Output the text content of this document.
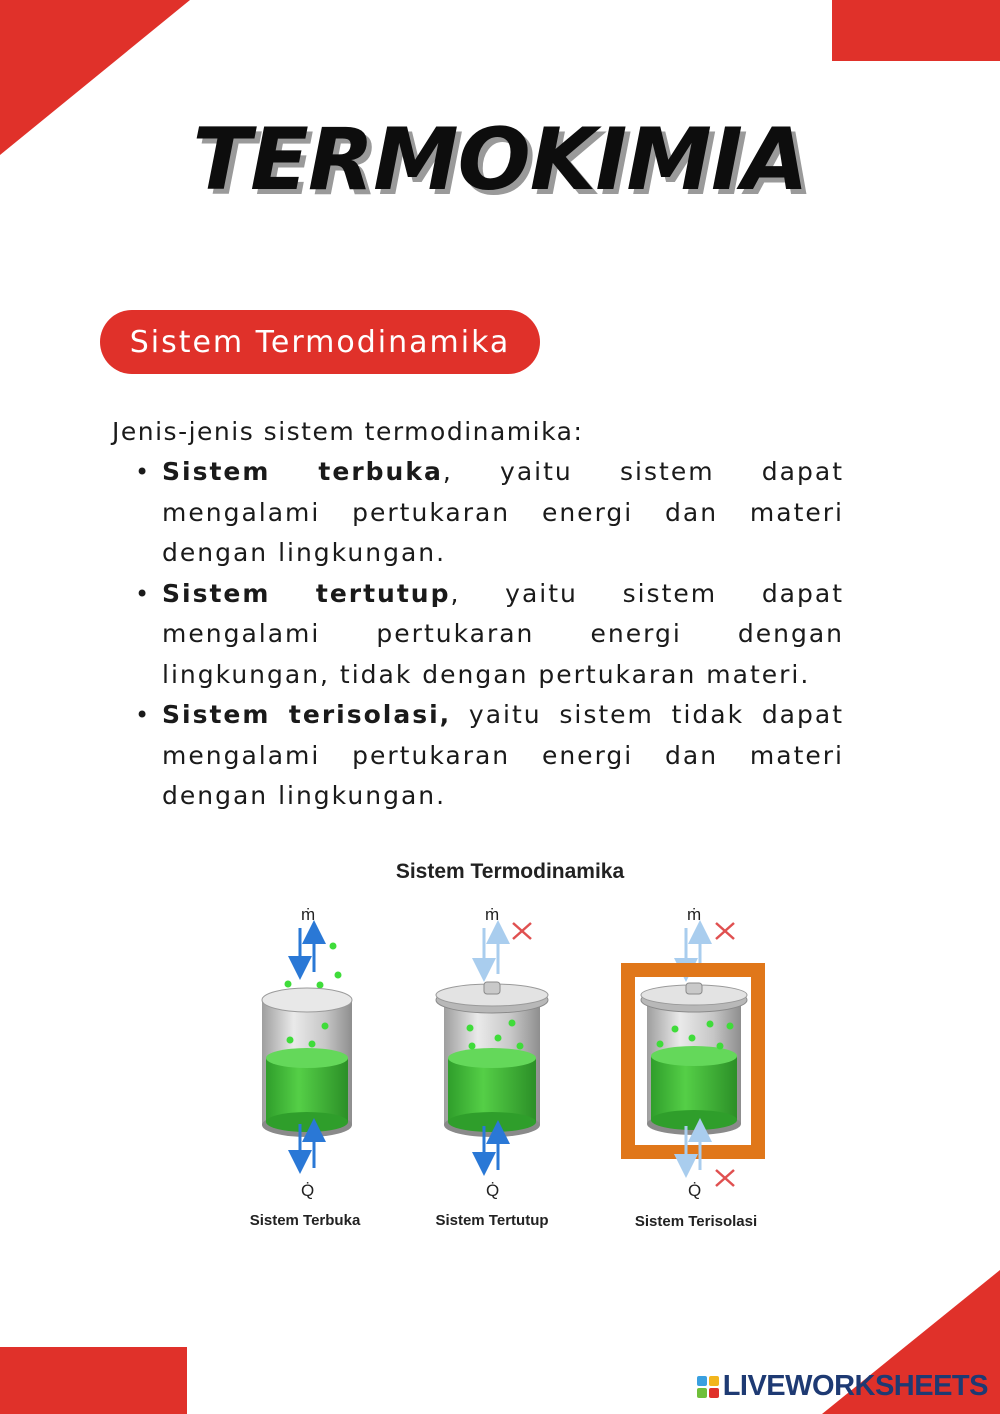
TERMOKIMIA
Sistem Termodinamika

Jenis-jenis sistem termodinamika:

• Sistem terbuka, yaitu sistem dapat mengalami pertukaran energi dan materi dengan lingkungan.
• Sistem tertutup, yaitu sistem dapat mengalami pertukaran energi dengan lingkungan, tidak dengan pertukaran materi.
• Sistem terisolasi, yaitu sistem tidak dapat mengalami pertukaran energi dan materi dengan lingkungan.
Sistem Termodinamika
ṁ
Q̇
ṁ
Q̇
ṁ
Q̇
Sistem Terbuka	Sistem Tertutup	Sistem Terisolasi
LIVEWORKSHEETS
